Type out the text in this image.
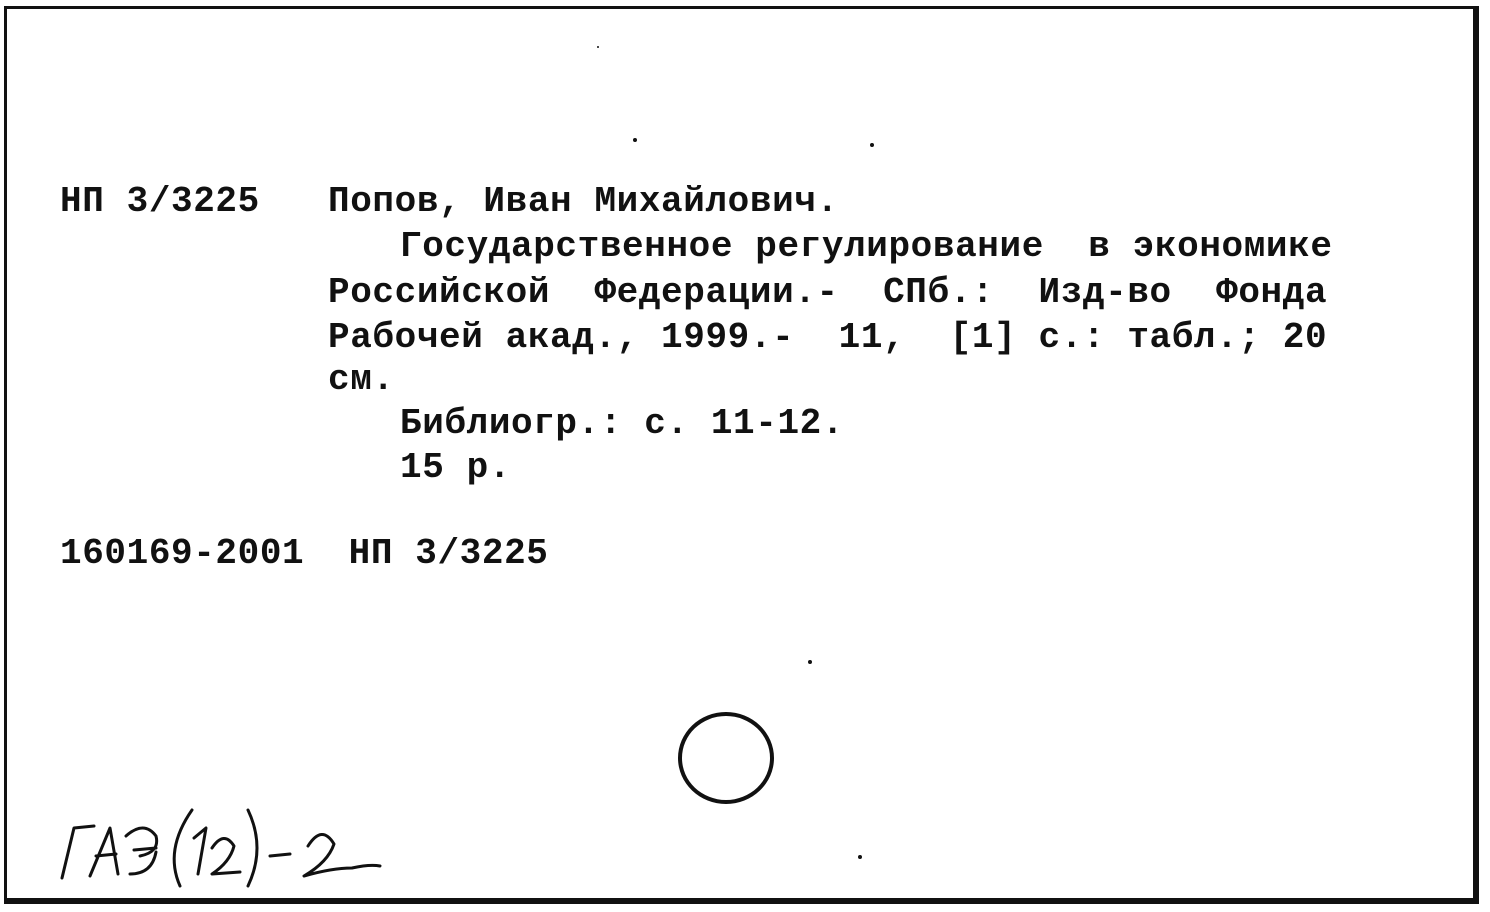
НП 3/3225 Попов, Иван Михайлович.
Государственное регулирование  в экономике
Российской  Федерации.-  СПб.:  Изд-во  Фонда
Рабочей акад., 1999.-  11,  [1] с.: табл.; 20
см.
Библиогр.: с. 11-12.
15 р.
160169-2001  НП 3/3225
